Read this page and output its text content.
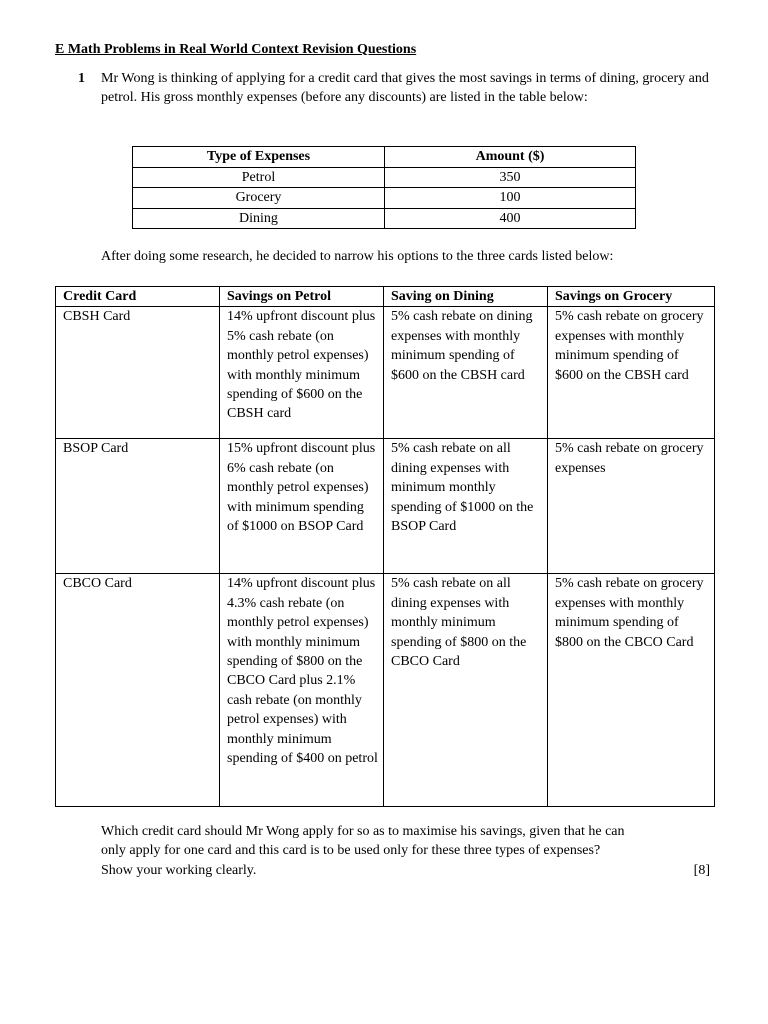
E Math Problems in Real World Context Revision Questions
1 Mr Wong is thinking of applying for a credit card that gives the most savings in terms of dining, grocery and petrol. His gross monthly expenses (before any discounts) are listed in the table below:
Type of Expenses	Amount ($)
Petrol	350
Grocery	100
Dining	400
After doing some research, he decided to narrow his options to the three cards listed below:
Credit Card	Savings on Petrol	Saving on Dining	Savings on Grocery
CBSH Card	14% upfront discount plus 5% cash rebate (on monthly petrol expenses) with monthly minimum spending of $600 on the CBSH card	5% cash rebate on dining expenses with monthly minimum spending of $600 on the CBSH card	5% cash rebate on grocery expenses with monthly minimum spending of $600 on the CBSH card
BSOP Card	15% upfront discount plus 6% cash rebate (on monthly petrol expenses) with minimum spending of $1000 on BSOP Card	5% cash rebate on all dining expenses with minimum monthly spending of $1000 on the BSOP Card	5% cash rebate on grocery expenses
CBCO Card	14% upfront discount plus 4.3% cash rebate (on monthly petrol expenses) with monthly minimum spending of $800 on the CBCO Card plus 2.1% cash rebate (on monthly petrol expenses) with monthly minimum spending of $400 on petrol	5% cash rebate on all dining expenses with monthly minimum spending of $800 on the CBCO Card	5% cash rebate on grocery expenses with monthly minimum spending of $800 on the CBCO Card
Which credit card should Mr Wong apply for so as to maximise his savings, given that he can
only apply for one card and this card is to be used only for these three types of expenses?
Show your working clearly.	[8]
